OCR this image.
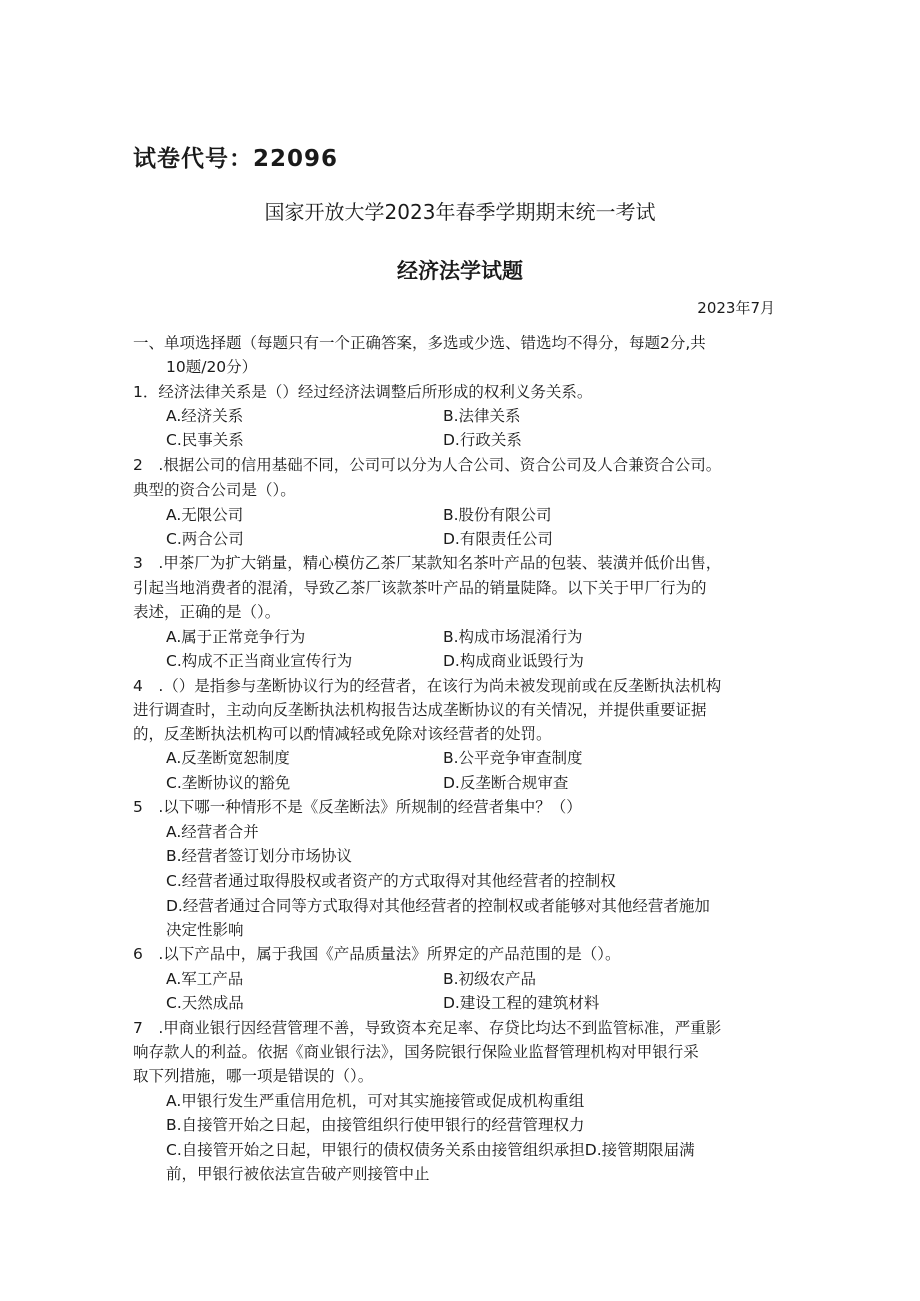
试卷代号：22096
国家开放大学2023年春季学期期末统一考试
经济法学试题
2023年7月
一、单项选择题（每题只有一个正确答案，多选或少选、错选均不得分，每题2分,共
10题/20分）
1．经济法律关系是（）经过经济法调整后所形成的权利义务关系。
A.经济关系	B.法律关系
C.民事关系	D.行政关系
2　.根据公司的信用基础不同，公司可以分为人合公司、资合公司及人合兼资合公司。
典型的资合公司是（）。
A.无限公司	B.股份有限公司
C.两合公司	D.有限责任公司
3　.甲茶厂为扩大销量，精心模仿乙茶厂某款知名茶叶产品的包装、装潢并低价出售，
引起当地消费者的混淆，导致乙茶厂该款茶叶产品的销量陡降。以下关于甲厂行为的
表述，正确的是（）。
A.属于正常竞争行为	B.构成市场混淆行为
C.构成不正当商业宣传行为	D.构成商业诋毁行为
4　.（）是指参与垄断协议行为的经营者，在该行为尚未被发现前或在反垄断执法机构
进行调查时，主动向反垄断执法机构报告达成垄断协议的有关情况，并提供重要证据
的，反垄断执法机构可以酌情减轻或免除对该经营者的处罚。
A.反垄断宽恕制度	B.公平竞争审查制度
C.垄断协议的豁免	D.反垄断合规审查
5　.以下哪一种情形不是《反垄断法》所规制的经营者集中？（）
A.经营者合并
B.经营者签订划分市场协议
C.经营者通过取得股权或者资产的方式取得对其他经营者的控制权
D.经营者通过合同等方式取得对其他经营者的控制权或者能够对其他经营者施加
决定性影响
6　.以下产品中，属于我国《产品质量法》所界定的产品范围的是（）。
A.军工产品	B.初级农产品
C.天然成品	D.建设工程的建筑材料
7　.甲商业银行因经营管理不善，导致资本充足率、存贷比均达不到监管标准，严重影
响存款人的利益。依据《商业银行法》，国务院银行保险业监督管理机构对甲银行采
取下列措施，哪一项是错误的（）。
A.甲银行发生严重信用危机，可对其实施接管或促成机构重组
B.自接管开始之日起，由接管组织行使甲银行的经营管理权力
C.自接管开始之日起，甲银行的债权债务关系由接管组织承担D.接管期限届满
前，甲银行被依法宣告破产则接管中止
